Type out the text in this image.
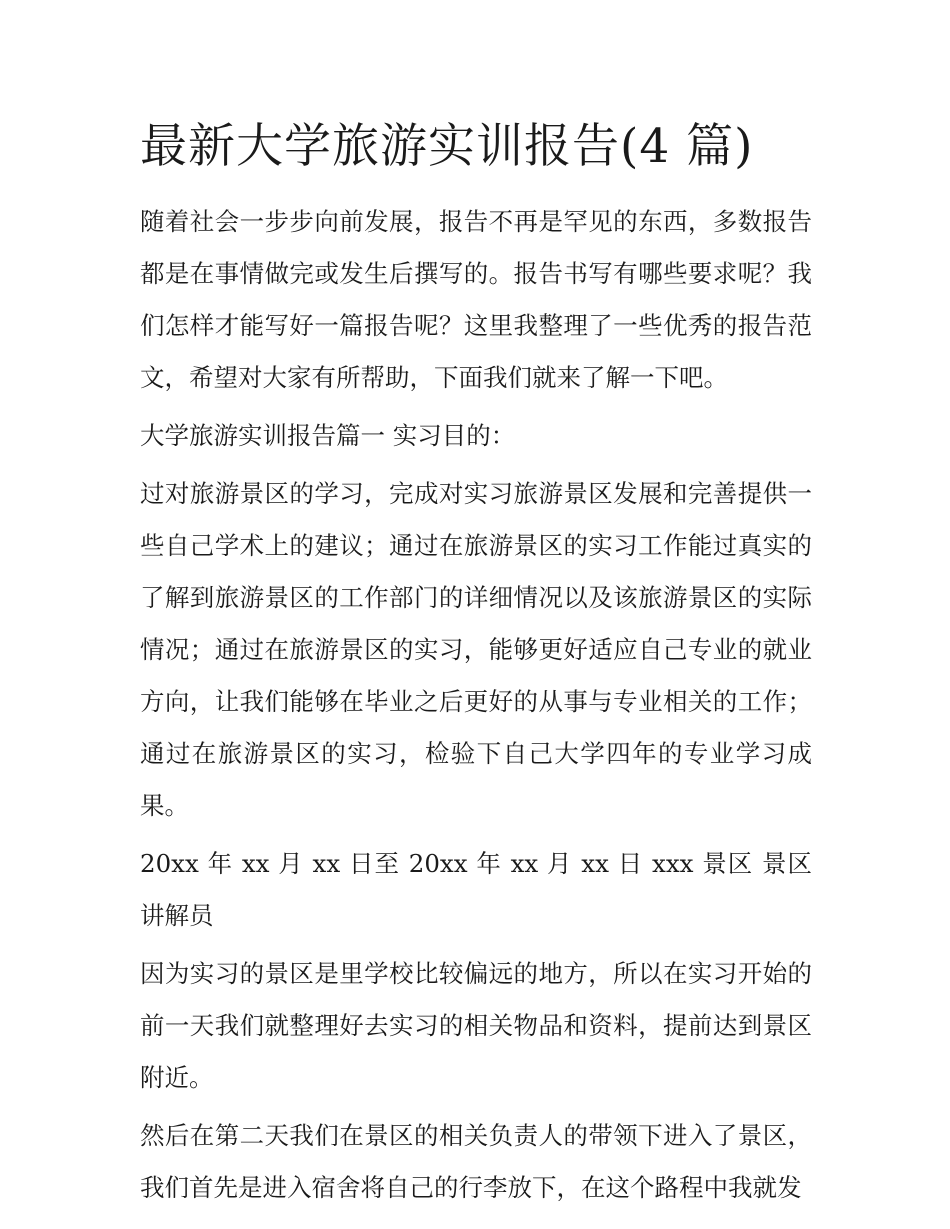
最新大学旅游实训报告(4 篇)

随着社会一步步向前发展，报告不再是罕见的东西，多数报告都是在事情做完或发生后撰写的。报告书写有哪些要求呢？我们怎样才能写好一篇报告呢？这里我整理了一些优秀的报告范文，希望对大家有所帮助，下面我们就来了解一下吧。

大学旅游实训报告篇一 实习目的：

过对旅游景区的学习，完成对实习旅游景区发展和完善提供一些自己学术上的建议；通过在旅游景区的实习工作能过真实的了解到旅游景区的工作部门的详细情况以及该旅游景区的实际情况；通过在旅游景区的实习，能够更好适应自己专业的就业方向，让我们能够在毕业之后更好的从事与专业相关的工作；通过在旅游景区的实习，检验下自己大学四年的专业学习成果。

20xx 年 xx 月 xx 日至 20xx 年 xx 月 xx 日 xxx 景区 景区讲解员

因为实习的景区是里学校比较偏远的地方，所以在实习开始的前一天我们就整理好去实习的相关物品和资料，提前达到景区附近。

然后在第二天我们在景区的相关负责人的带领下进入了景区，我们首先是进入宿舍将自己的行李放下，在这个路程中我就发
